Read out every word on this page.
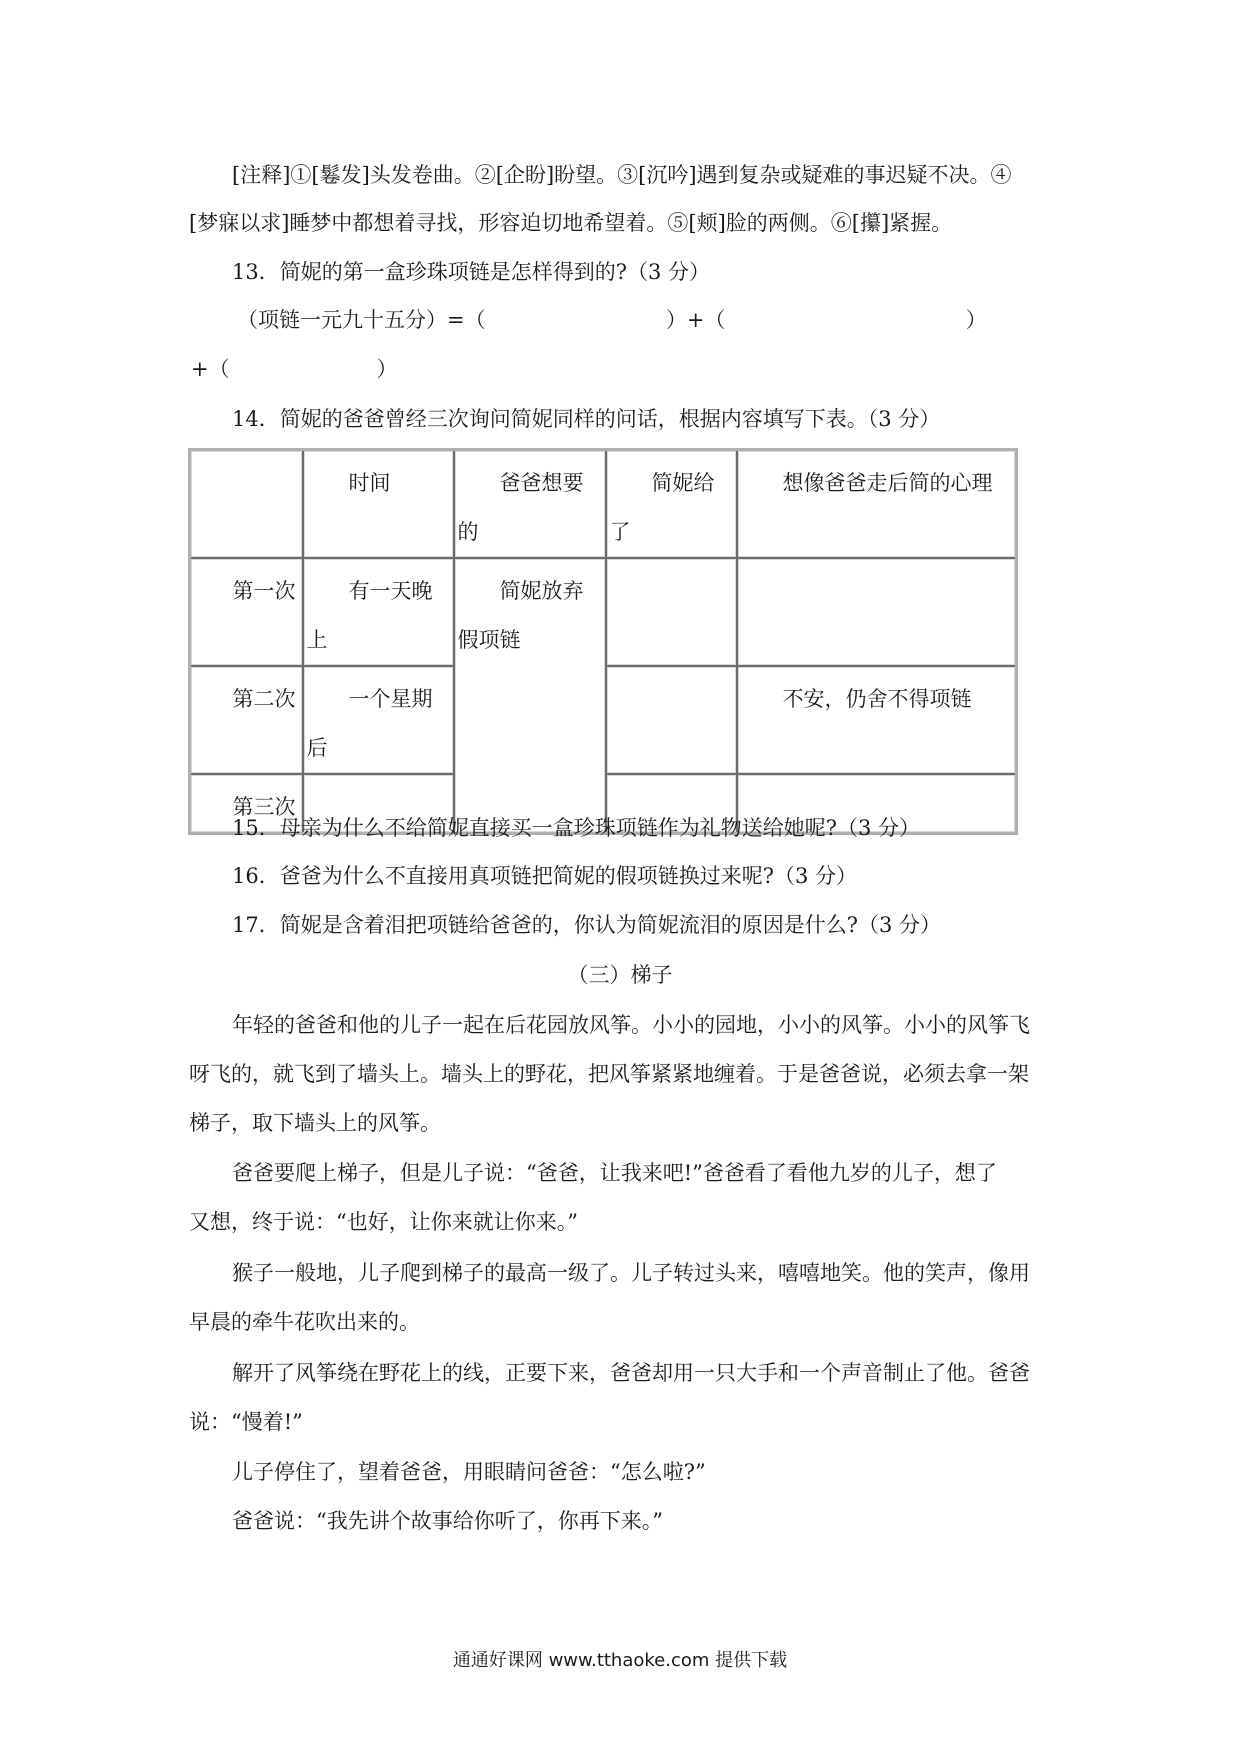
[注释]①[鬈发]头发卷曲。②[企盼]盼望。③[沉吟]遇到复杂或疑难的事迟疑不决。④

[梦寐以求]睡梦中都想着寻找，形容迫切地希望着。⑤[颊]脸的两侧。⑥[攥]紧握。

13．简妮的第一盒珍珠项链是怎样得到的?（3 分）

（项链一元九十五分）=（                           ）+（                                    ）

+（                      ）

14．简妮的爸爸曾经三次询问简妮同样的问话，根据内容填写下表。（3 分）

	时间	爸爸想要的	简妮给了	想像爸爸走后简的心理
第一次	有一天晚上	简妮放弃假项链		
第二次	一个星期后			不安，仍舍不得项链
第三次				

15．母亲为什么不给简妮直接买一盒珍珠项链作为礼物送给她呢?（3 分）

16．爸爸为什么不直接用真项链把简妮的假项链换过来呢?（3 分）

17．简妮是含着泪把项链给爸爸的，你认为简妮流泪的原因是什么?（3 分）

（三）梯子

年轻的爸爸和他的儿子一起在后花园放风筝。小小的园地，小小的风筝。小小的风筝飞

呀飞的，就飞到了墙头上。墙头上的野花，把风筝紧紧地缠着。于是爸爸说，必须去拿一架

梯子，取下墙头上的风筝。

爸爸要爬上梯子，但是儿子说：“爸爸，让我来吧!”爸爸看了看他九岁的儿子，想了

又想，终于说：“也好，让你来就让你来。”

猴子一般地，儿子爬到梯子的最高一级了。儿子转过头来，嘻嘻地笑。他的笑声，像用

早晨的牵牛花吹出来的。

解开了风筝绕在野花上的线，正要下来，爸爸却用一只大手和一个声音制止了他。爸爸

说：“慢着!”

儿子停住了，望着爸爸，用眼睛问爸爸：“怎么啦?”

爸爸说：“我先讲个故事给你听了，你再下来。”

通通好课网 www.tthaoke.com 提供下载
